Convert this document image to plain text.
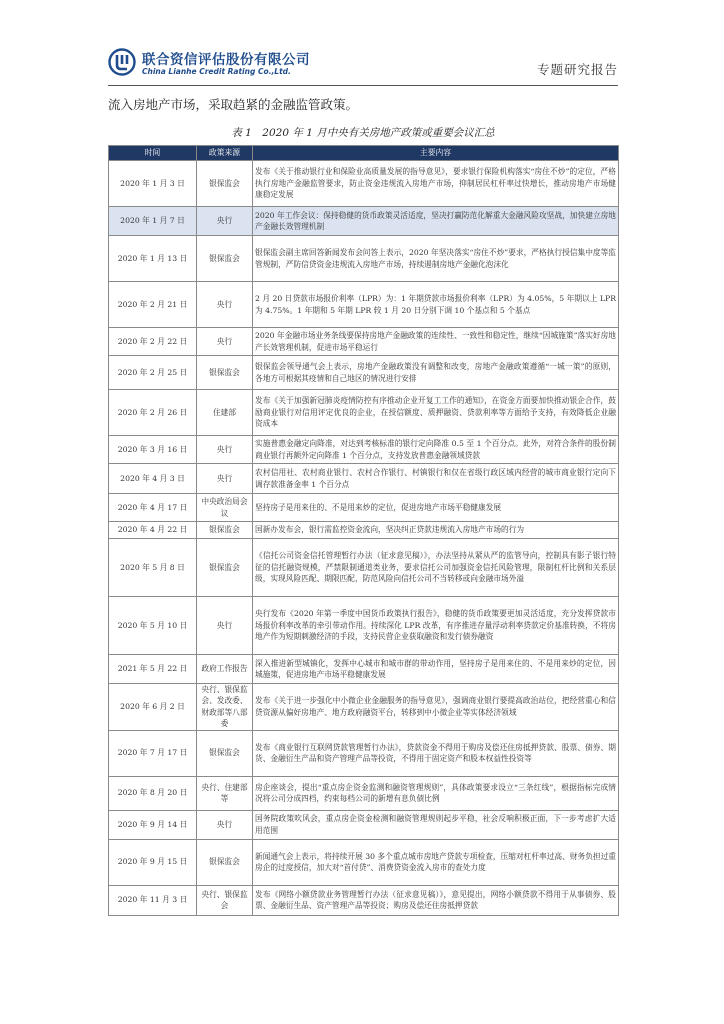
联合资信评估股份有限公司
China Lianhe Credit Rating Co.,Ltd.	专题研究报告
流入房地产市场，采取趋紧的金融监管政策。
表 1　2020 年 1 月中央有关房地产政策或重要会议汇总
时间	政策来源	主要内容
2020 年 1 月 3 日	银保监会	发布《关于推动银行业和保险业高质量发展的指导意见》，要求银行保险机构落实“房住不炒”的定位，严格执行房地产金融监管要求，防止资金违规流入房地产市场，抑制居民杠杆率过快增长，推动房地产市场健康稳定发展
2020 年 1 月 7 日	央行	2020 年工作会议：保持稳健的货币政策灵活适度，坚决打赢防范化解重大金融风险攻坚战，加快建立房地产金融长效管理机制
2020 年 1 月 13 日	银保监会	银保监会副主席回答新闻发布会问答上表示，2020 年坚决落实“房住不炒”要求，严格执行授信集中度等监管规制，严防信贷资金违规流入房地产市场，持续遏制房地产金融化泡沫化
2020 年 2 月 21 日	央行	2 月 20 日贷款市场报价利率（LPR）为：1 年期贷款市场报价利率（LPR）为 4.05%，5 年期以上 LPR 为 4.75%。1 年期和 5 年期 LPR 较 1 月 20 日分别下调 10 个基点和 5 个基点
2020 年 2 月 22 日	央行	2020 年金融市场业务条线要保持房地产金融政策的连续性、一致性和稳定性，继续“因城施策”落实好房地产长效管理机制，促进市场平稳运行
2020 年 2 月 25 日	银保监会	银保监会领导通气会上表示，房地产金融政策没有调整和改变，房地产金融政策遵循“一城一策”的原则，各地方可根据其疫情和自己地区的情况进行安排
2020 年 2 月 26 日	住建部	发布《关于加强新冠肺炎疫情防控有序推动企业开复工工作的通知》，在资金方面要加快推动银企合作，鼓励商业银行对信用评定优良的企业，在授信额度、质押融资、贷款利率等方面给予支持，有效降低企业融资成本
2020 年 3 月 16 日	央行	实施普惠金融定向降准，对达到考核标准的银行定向降准 0.5 至 1 个百分点。此外，对符合条件的股份制商业银行再额外定向降准 1 个百分点，支持发放普惠金融领域贷款
2020 年 4 月 3 日	央行	农村信用社、农村商业银行、农村合作银行、村镇银行和仅在省级行政区域内经营的城市商业银行定向下调存款准备金率 1 个百分点
2020 年 4 月 17 日	中央政治局会议	坚持房子是用来住的、不是用来炒的定位，促进房地产市场平稳健康发展
2020 年 4 月 22 日	银保监会	国新办发布会，银行需监控资金流向，坚决纠正贷款违规流入房地产市场的行为
2020 年 5 月 8 日	银保监会	《信托公司资金信托管理暂行办法（征求意见稿）》，办法坚持从紧从严的监管导向，控制具有影子银行特征的信托融资规模，严禁限制通道类业务，要求信托公司加强资金信托风险管理，限制杠杆比例和关系层级，实现风险匹配、期限匹配，防范风险向信托公司不当转移或向金融市场外溢
2020 年 5 月 10 日	央行	央行发布《2020 年第一季度中国货币政策执行报告》，稳健的货币政策要更加灵活适度，充分发挥贷款市场报价利率改革的牵引带动作用。持续深化 LPR 改革，有序推进存量浮动利率贷款定价基准转换，不将房地产作为短期刺激经济的手段，支持民营企业获取融资和发行债券融资
2021 年 5 月 22 日	政府工作报告	深入推进新型城镇化，发挥中心城市和城市群的带动作用，坚持房子是用来住的、不是用来炒的定位，因城施策，促进房地产市场平稳健康发展
2020 年 6 月 2 日	央行、银保监会、发改委、财政部等八部委	发布《关于进一步强化中小微企业金融服务的指导意见》，强调商业银行要提高政治站位，把经营重心和信贷资源从偏好房地产、地方政府融资平台，转移到中小微企业等实体经济领域
2020 年 7 月 17 日	银保监会	发布《商业银行互联网贷款管理暂行办法》，贷款资金不得用于购房及偿还住房抵押贷款、股票、债券、期货、金融衍生产品和资产管理产品等投资，不得用于固定资产和股本权益性投资等
2020 年 8 月 20 日	央行、住建部等	房企座谈会，提出“重点房企资金监测和融资管理规则”，具体政策要求设立“三条红线”，根据指标完成情况将公司分成四档，约束每档公司的新增有息负债比例
2020 年 9 月 14 日	央行	国务院政策吹风会，重点房企资金检测和融资管理规则起步平稳，社会反响积极正面，下一步考虑扩大适用范围
2020 年 9 月 15 日	银保监会	新闻通气会上表示，将持续开展 30 多个重点城市房地产贷款专项检查，压缩对杠杆率过高、财务负担过重房企的过度授信，加大对“首付贷”、消费贷资金流入房市的查处力度
2020 年 11 月 3 日	央行、银保监会	发布《网络小额贷款业务管理暂行办法（征求意见稿）》，意见提出，网络小额贷款不得用于从事债券、股票、金融衍生品、资产管理产品等投资；购房及偿还住房抵押贷款
